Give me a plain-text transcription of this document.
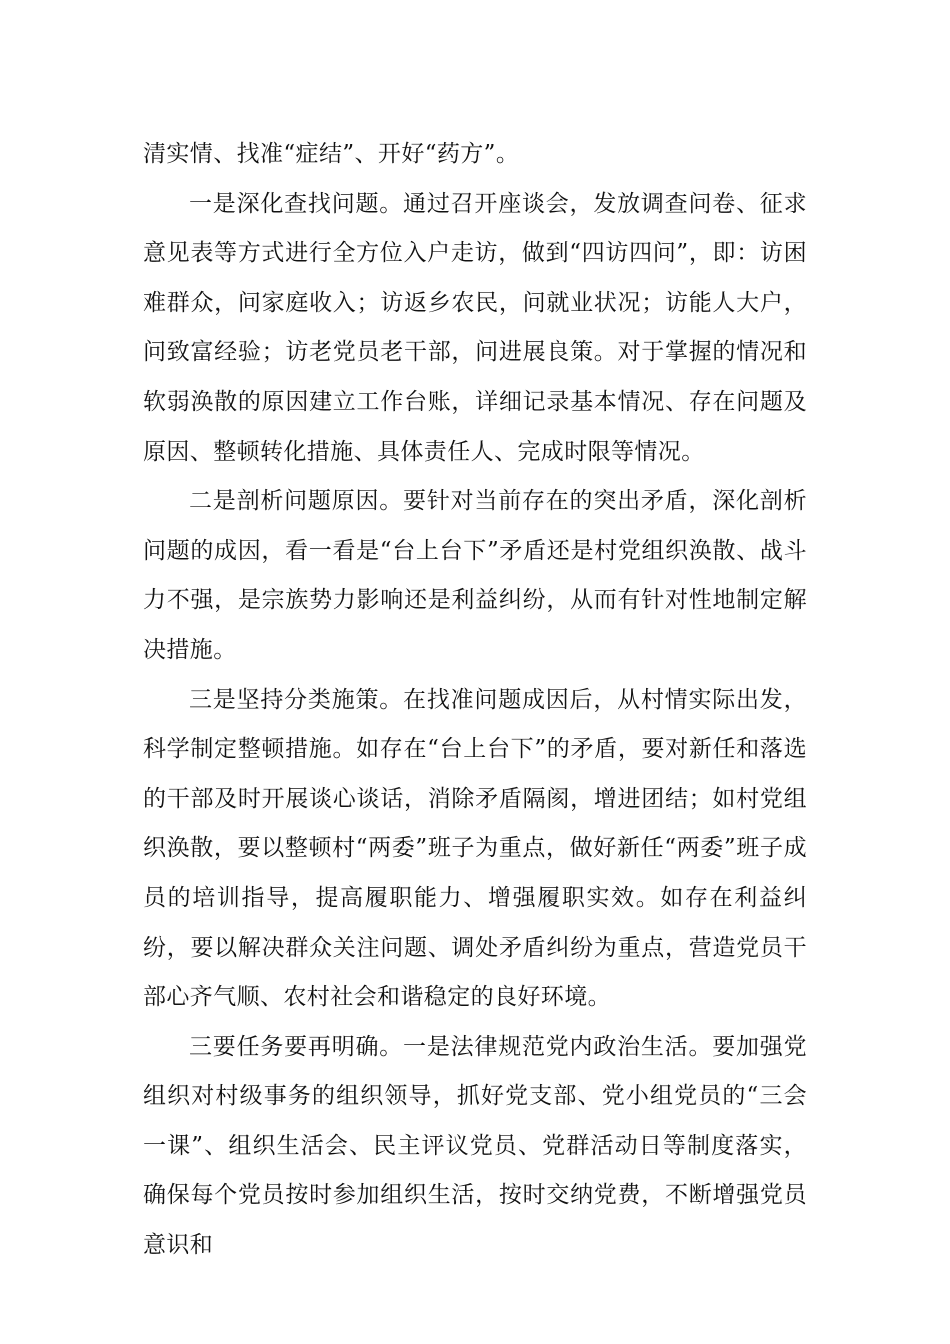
清实情、找准“症结”、开好“药方”。

一是深化查找问题。通过召开座谈会，发放调查问卷、征求意见表等方式进行全方位入户走访，做到“四访四问”，即：访困难群众，问家庭收入；访返乡农民，问就业状况；访能人大户，问致富经验；访老党员老干部，问进展良策。对于掌握的情况和软弱涣散的原因建立工作台账，详细记录基本情况、存在问题及原因、整顿转化措施、具体责任人、完成时限等情况。

二是剖析问题原因。要针对当前存在的突出矛盾，深化剖析问题的成因，看一看是“台上台下”矛盾还是村党组织涣散、战斗力不强，是宗族势力影响还是利益纠纷，从而有针对性地制定解决措施。

三是坚持分类施策。在找准问题成因后，从村情实际出发，科学制定整顿措施。如存在“台上台下”的矛盾，要对新任和落选的干部及时开展谈心谈话，消除矛盾隔阂，增进团结；如村党组织涣散，要以整顿村“两委”班子为重点，做好新任“两委”班子成员的培训指导，提高履职能力、增强履职实效。如存在利益纠纷，要以解决群众关注问题、调处矛盾纠纷为重点，营造党员干部心齐气顺、农村社会和谐稳定的良好环境。

三要任务要再明确。一是法律规范党内政治生活。要加强党组织对村级事务的组织领导，抓好党支部、党小组党员的“三会一课”、组织生活会、民主评议党员、党群活动日等制度落实，确保每个党员按时参加组织生活，按时交纳党费，不断增强党员意识和
